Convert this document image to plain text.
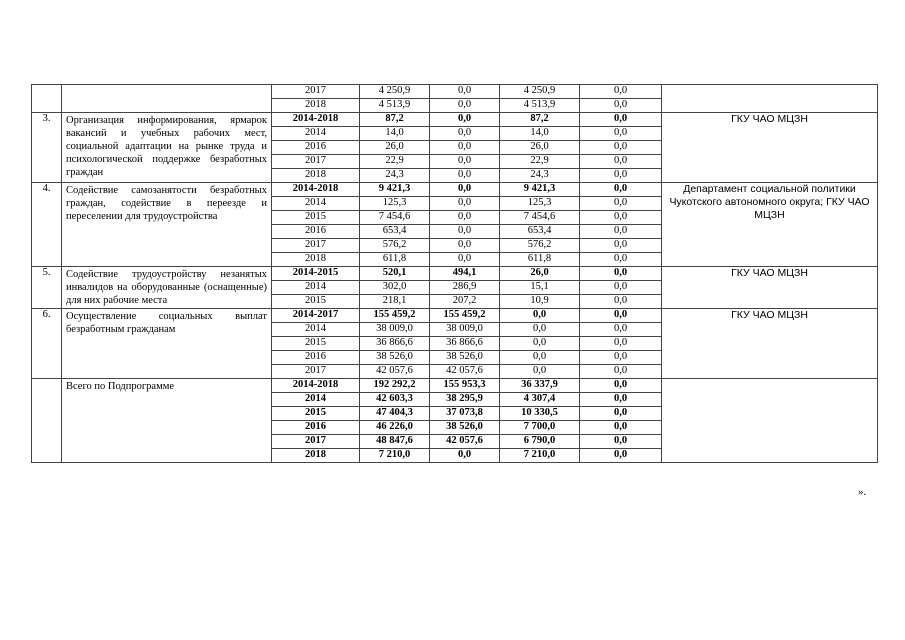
		2017	4 250,9	0,0	4 250,9	0,0	
		2018	4 513,9	0,0	4 513,9	0,0	
3.	Организация информирования, ярмарок вакансий и учебных рабочих мест, социальной адаптации на рынке труда и психологической поддержке безработных граждан	2014-2018	87,2	0,0	87,2	0,0	ГКУ ЧАО МЦЗН
		2014	14,0	0,0	14,0	0,0	
		2016	26,0	0,0	26,0	0,0	
		2017	22,9	0,0	22,9	0,0	
		2018	24,3	0,0	24,3	0,0	
4.	Содействие самозанятости безработных граждан, содействие в переезде и переселении для трудоустройства	2014-2018	9 421,3	0,0	9 421,3	0,0	Департамент социальной политики Чукотского автономного округа; ГКУ ЧАО МЦЗН
		2014	125,3	0,0	125,3	0,0	
		2015	7 454,6	0,0	7 454,6	0,0	
		2016	653,4	0,0	653,4	0,0	
		2017	576,2	0,0	576,2	0,0	
		2018	611,8	0,0	611,8	0,0	
5.	Содействие трудоустройству незанятых инвалидов на оборудованные (оснащенные) для них рабочие места	2014-2015	520,1	494,1	26,0	0,0	ГКУ ЧАО МЦЗН
		2014	302,0	286,9	15,1	0,0	
		2015	218,1	207,2	10,9	0,0	
6.	Осуществление социальных выплат безработным гражданам	2014-2017	155 459,2	155 459,2	0,0	0,0	ГКУ ЧАО МЦЗН
		2014	38 009,0	38 009,0	0,0	0,0	
		2015	36 866,6	36 866,6	0,0	0,0	
		2016	38 526,0	38 526,0	0,0	0,0	
		2017	42 057,6	42 057,6	0,0	0,0	
	Всего по Подпрограмме	2014-2018	192 292,2	155 953,3	36 337,9	0,0	
		2014	42 603,3	38 295,9	4 307,4	0,0	
		2015	47 404,3	37 073,8	10 330,5	0,0	
		2016	46 226,0	38 526,0	7 700,0	0,0	
		2017	48 847,6	42 057,6	6 790,0	0,0	
		2018	7 210,0	0,0	7 210,0	0,0	
».
